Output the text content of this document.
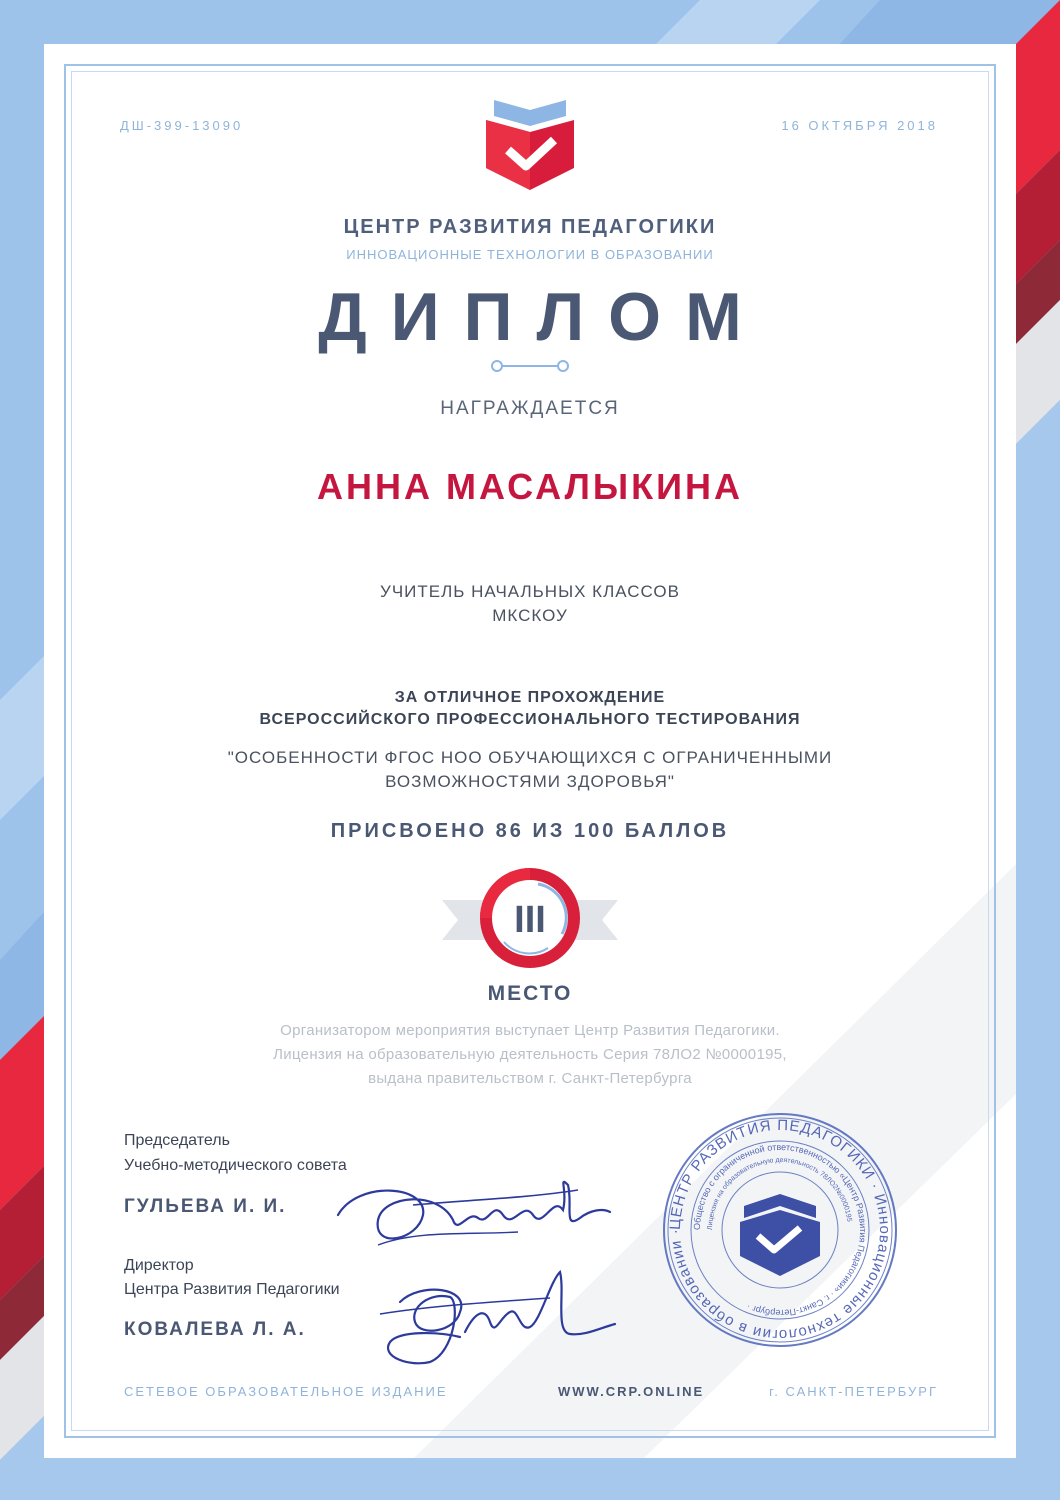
ДШ-399-13090	16 ОКТЯБРЯ 2018
ЦЕНТР РАЗВИТИЯ ПЕДАГОГИКИ
ИННОВАЦИОННЫЕ ТЕХНОЛОГИИ В ОБРАЗОВАНИИ
ДИПЛОМ
НАГРАЖДАЕТСЯ
АННА МАСАЛЫКИНА
УЧИТЕЛЬ НАЧАЛЬНЫХ КЛАССОВ
МКСКОУ
ЗА ОТЛИЧНОЕ ПРОХОЖДЕНИЕ
ВСЕРОССИЙСКОГО ПРОФЕССИОНАЛЬНОГО ТЕСТИРОВАНИЯ
"ОСОБЕННОСТИ ФГОС НОО ОБУЧАЮЩИХСЯ С ОГРАНИЧЕННЫМИ
ВОЗМОЖНОСТЯМИ ЗДОРОВЬЯ"
ПРИСВОЕНО 86 ИЗ 100 БАЛЛОВ
III
МЕСТО
Организатором мероприятия выступает Центр Развития Педагогики.
Лицензия на образовательную деятельность Серия 78ЛО2 №0000195,
выдана правительством г. Санкт-Петербурга
Председатель
Учебно-методического совета
ГУЛЬЕВА И. И.
Директор
Центра Развития Педагогики
КОВАЛЕВА Л. А.
ЦЕНТР РАЗВИТИЯ ПЕДАГОГИКИ · Инновационные технологии в образовании ·
Общество с ограниченной ответственностью «Центр Развития Педагогики» · г. Санкт-Петербург ·
Лицензия на образовательную деятельность 78ЛО2№0000195
СЕТЕВОЕ ОБРАЗОВАТЕЛЬНОЕ ИЗДАНИЕ	WWW.CRP.ONLINE	г. САНКТ-ПЕТЕРБУРГ
